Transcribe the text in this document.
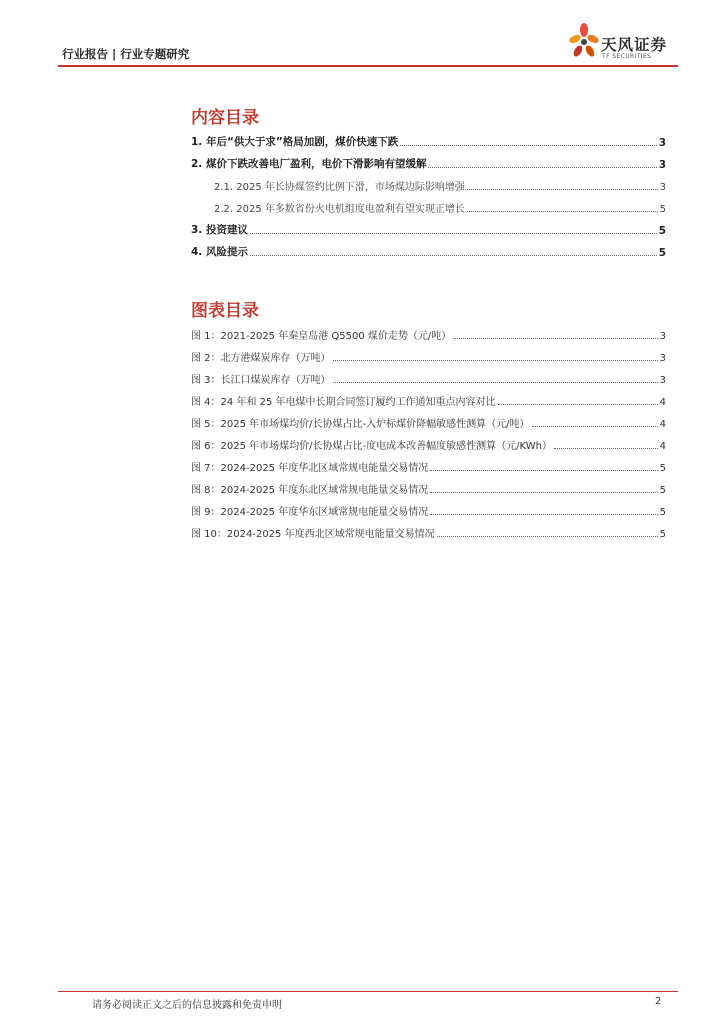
行业报告 | 行业专题研究	天风证券
TF SECURITIES
内容目录
1. 年后“供大于求”格局加剧，煤价快速下跌	3
2. 煤价下跌改善电厂盈利，电价下滑影响有望缓解	3
2.1. 2025 年长协煤签约比例下滑，市场煤边际影响增强	3
2.2. 2025 年多数省份火电机组度电盈利有望实现正增长	5
3. 投资建议	5
4. 风险提示	5
图表目录
图 1：2021-2025 年秦皇岛港 Q5500 煤价走势（元/吨）	3
图 2：北方港煤炭库存（万吨）	3
图 3：长江口煤炭库存（万吨）	3
图 4：24 年和 25 年电煤中长期合同签订履约工作通知重点内容对比	4
图 5：2025 年市场煤均价/长协煤占比-入炉标煤价降幅敏感性测算（元/吨）	4
图 6：2025 年市场煤均价/长协煤占比-度电成本改善幅度敏感性测算（元/KWh）	4
图 7：2024-2025 年度华北区域常规电能量交易情况	5
图 8：2024-2025 年度东北区域常规电能量交易情况	5
图 9：2024-2025 年度华东区域常规电能量交易情况	5
图 10：2024-2025 年度西北区域常规电能量交易情况	5
请务必阅读正文之后的信息披露和免责申明	2
